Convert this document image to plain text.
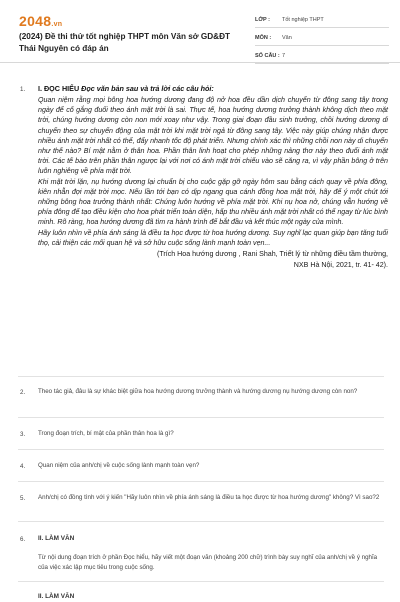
2048.vn
(2024) Đề thi thử tốt nghiệp THPT môn Văn sở GD&ĐT Thái Nguyên có đáp án
LỚP :	Tốt nghiệp THPT
MÔN :	Văn
SỐ CÂU : 7
1. I. ĐỌC HIỂU Đọc văn bản sau và trả lời các câu hỏi:

Quan niệm rằng mọi bông hoa hướng dương đang độ nở hoa đều dần dịch chuyển từ đông sang tây trong ngày để cố gắng đuổi theo ánh mặt trời là sai. Thực tế, hoa hướng dương trưởng thành không dịch theo mặt trời, chúng hướng dương còn non mới xoay như vậy. Trong giai đoạn đầu sinh trưởng, chồi hướng dương di chuyển theo sự chuyển động của mặt trời khi mặt trời ngả từ đông sang tây. Việc này giúp chúng nhận được nhiều ánh mặt trời nhất có thể, đẩy nhanh tốc độ phát triển. Nhưng chính xác thì những chồi non này di chuyển như thế nào? Bí mật nằm ở thân hoa. Phần thân linh hoạt cho phép những nảng thơ này theo đuổi ánh mặt trời. Các tế bào trên phần thân ngược lại với nơi có ánh mặt trời chiếu vào sẽ căng ra, vì vậy phần bông ở trên luôn nghiêng về phía mặt trời.

Khi mặt trời lặn, nụ hướng dương lại chuẩn bị cho cuộc gặp gỡ ngày hôm sau bằng cách quay về phía đông, kiên nhẫn đợi mặt trời mọc. Nếu lần tới bạn có dịp ngang qua cánh đồng hoa mặt trời, hãy để ý một chút tới những bông hoa trưởng thành nhất: Chúng luôn hướng về phía mặt trời. Khi nụ hoa nở, chúng vẫn hướng về phía đông để tạo điều kiện cho hoa phát triển toàn diện, hấp thu nhiều ánh mặt trời nhất có thể ngay từ lúc bình minh. Rõ ràng, hoa hướng dương đã tìm ra hành trình để bắt đầu và kết thúc một ngày của mình.

Hãy luôn nhìn về phía ánh sáng là điều ta học được từ hoa hướng dương. Suy nghĩ lạc quan giúp bạn tăng tuổi thọ, cải thiện các mối quan hệ và sở hữu cuộc sống lành mạnh toàn vẹn...

(Trích Hoa hướng dương , Rani Shah, Triết lý từ những điều tầm thường,
NXB Hà Nội, 2021, tr. 41- 42).
2. Theo tác giả, đâu là sự khác biệt giữa hoa hướng dương trưởng thành và hướng dương nụ hướng dương còn non?
3. Trong đoạn trích, bí mật của phần thân hoa là gì?
4. Quan niệm của anh/chị về cuộc sống lành mạnh toàn vẹn?
5. Anh/chị có đồng tình với ý kiến "Hãy luôn nhìn về phía ánh sáng là điều ta học được từ hoa hướng dương" không? Vì sao?2
6. II. LÀM VĂN
Từ nội dung đoạn trích ở phần Đọc hiểu, hãy viết một đoạn văn (khoảng 200 chữ) trình bày suy nghĩ của anh/chị về ý nghĩa của việc xác lập mục tiêu trong cuộc sống.
II. LÀM VĂN
